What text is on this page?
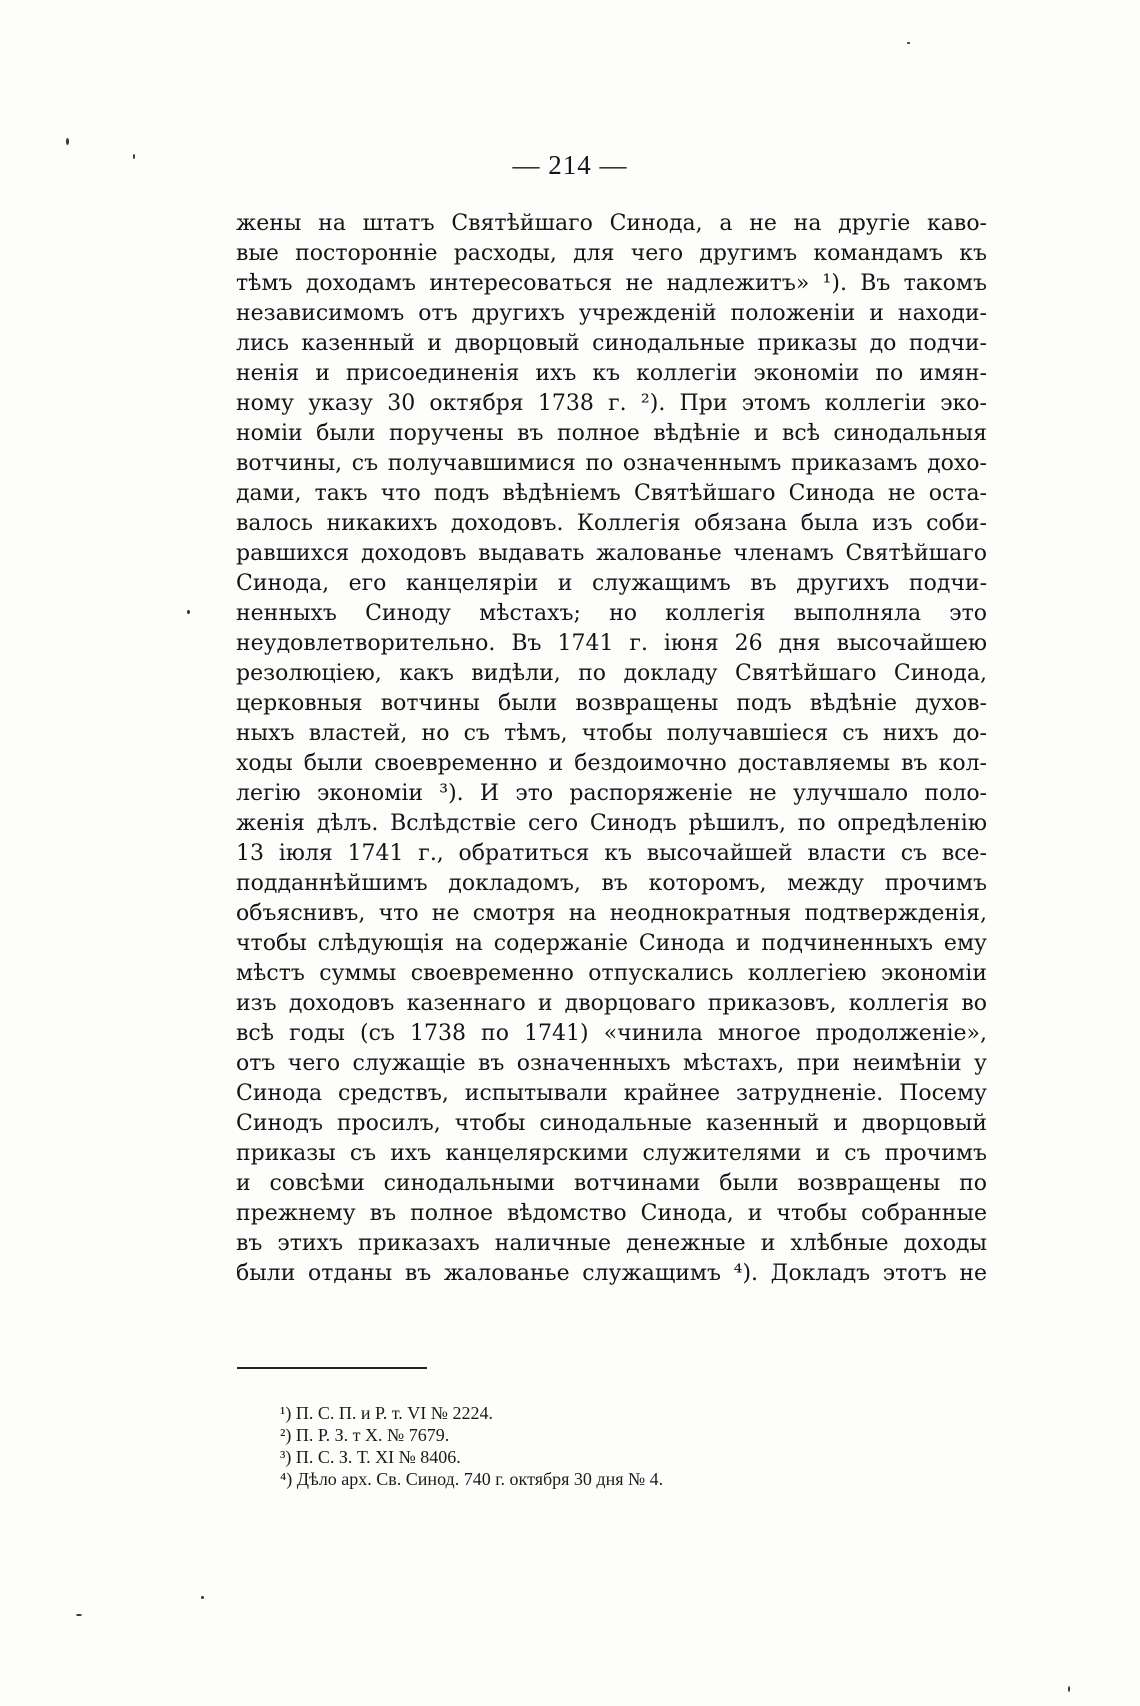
— 214 —
жены на штатъ Святѣйшаго Синода, а не на другіе каво-
вые посторонніе расходы, для чего другимъ командамъ къ
тѣмъ доходамъ интересоваться не надлежитъ» ¹). Въ такомъ
независимомъ отъ другихъ учрежденій положеніи и находи-
лись казенный и дворцовый синодальные приказы до подчи-
ненія и присоединенія ихъ къ коллегіи экономіи по имян-
ному указу 30 октября 1738 г. ²). При этомъ коллегіи эко-
номіи были поручены въ полное вѣдѣніе и всѣ синодальныя
вотчины, съ получавшимися по означеннымъ приказамъ дохо-
дами, такъ что подъ вѣдѣніемъ Святѣйшаго Синода не оста-
валось никакихъ доходовъ. Коллегія обязана была изъ соби-
равшихся доходовъ выдавать жалованье членамъ Святѣйшаго
Синода, его канцеляріи и служащимъ въ другихъ подчи-
ненныхъ Синоду мѣстахъ; но коллегія выполняла это
неудовлетворительно. Въ 1741 г. іюня 26 дня высочайшею
резолюціею, какъ видѣли, по докладу Святѣйшаго Синода,
церковныя вотчины были возвращены подъ вѣдѣніе духов-
ныхъ властей, но съ тѣмъ, чтобы получавшіеся съ нихъ до-
ходы были своевременно и бездоимочно доставляемы въ кол-
легію экономіи ³). И это распоряженіе не улучшало поло-
женія дѣлъ. Вслѣдствіе сего Синодъ рѣшилъ, по опредѣленію
13 іюля 1741 г., обратиться къ высочайшей власти съ все-
подданнѣйшимъ докладомъ, въ которомъ, между прочимъ
объяснивъ, что не смотря на неоднократныя подтвержденія,
чтобы слѣдующія на содержаніе Синода и подчиненныхъ ему
мѣстъ суммы своевременно отпускались коллегіею экономіи
изъ доходовъ казеннаго и дворцоваго приказовъ, коллегія во
всѣ годы (съ 1738 по 1741) «чинила многое продолженіе»,
отъ чего служащіе въ означенныхъ мѣстахъ, при неимѣніи у
Синода средствъ, испытывали крайнее затрудненіе. Посему
Синодъ просилъ, чтобы синодальные казенный и дворцовый
приказы съ ихъ канцелярскими служителями и съ прочимъ
и совсѣми синодальными вотчинами были возвращены по
прежнему въ полное вѣдомство Синода, и чтобы собранные
въ этихъ приказахъ наличные денежные и хлѣбные доходы
были отданы въ жалованье служащимъ ⁴). Докладъ этотъ не
¹) П. С. П. и Р. т. VI № 2224.
²) П. Р. З. т X. № 7679.
³) П. С. З. Т. XI № 8406.
⁴) Дѣло арх. Св. Синод. 740 г. октября 30 дня № 4.
